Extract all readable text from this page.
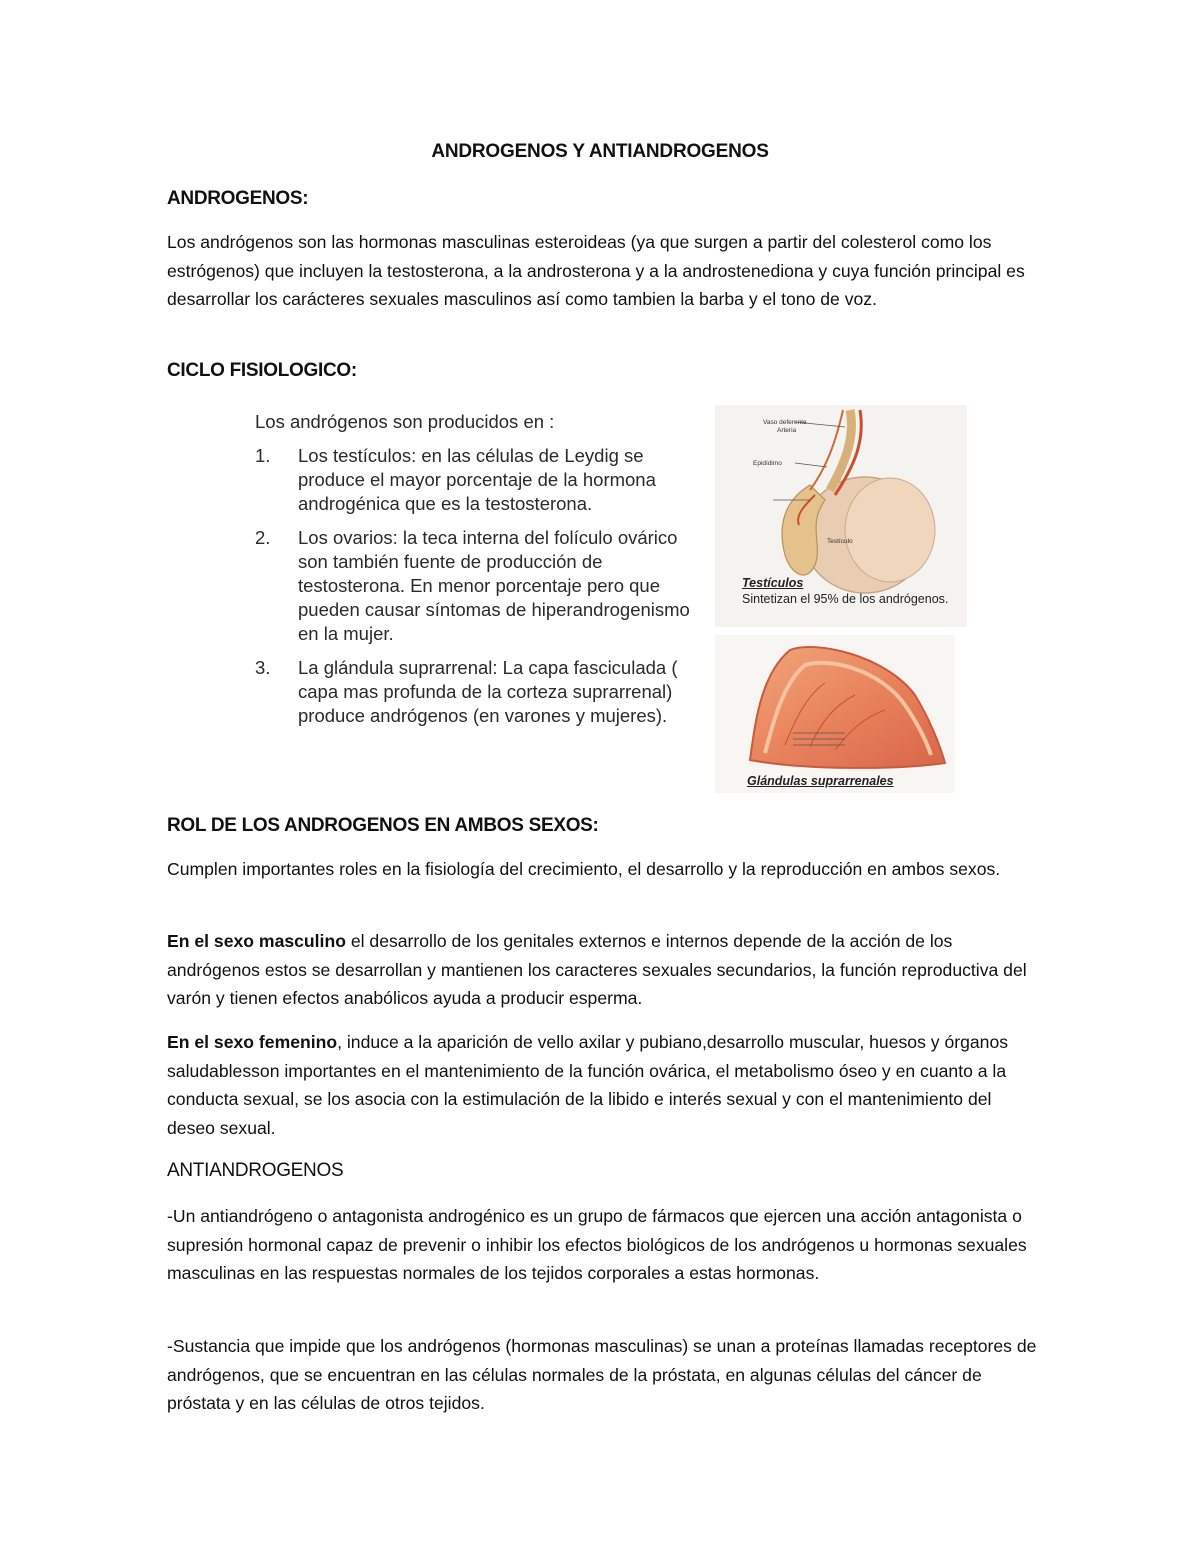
ANDROGENOS Y ANTIANDROGENOS
ANDROGENOS:
Los andrógenos son las hormonas masculinas esteroideas (ya que surgen a partir del colesterol como los estrógenos) que incluyen la testosterona, a la androsterona y a la androstenediona y cuya función principal es desarrollar los carácteres sexuales masculinos así como tambien la barba y el tono de voz.
CICLO FISIOLOGICO:
Los andrógenos son producidos en :
1. Los testículos: en las células de Leydig se produce el mayor porcentaje de la hormona androgénica que es la testosterona.
2. Los ovarios: la teca interna del folículo ovárico son también fuente de producción de testosterona. En menor porcentaje pero que pueden causar síntomas de hiperandrogenismo en la mujer.
3. La glándula suprarrenal: La capa fasciculada ( capa mas profunda de la corteza suprarrenal) produce andrógenos (en varones y mujeres).
Vaso deferente
Arteria
Epidídimo
Testículo
Testículos
Sintetizan el 95% de los andrógenos.
Glándulas suprarrenales
ROL DE LOS ANDROGENOS EN AMBOS SEXOS:
Cumplen importantes roles en la fisiología del crecimiento, el desarrollo y la reproducción en ambos sexos.
En el sexo masculino el desarrollo de los genitales externos e internos depende de la acción de los andrógenos estos se desarrollan y mantienen los caracteres sexuales secundarios, la función reproductiva del varón y tienen efectos anabólicos ayuda a producir esperma.
En el sexo femenino, induce a la aparición de vello axilar y pubiano,desarrollo muscular, huesos y órganos saludablesson importantes en el mantenimiento de la función ovárica, el metabolismo óseo y en cuanto a la conducta sexual, se los asocia con la estimulación de la libido e interés sexual y con el mantenimiento del deseo sexual.
ANTIANDROGENOS
-Un antiandrógeno o antagonista androgénico es un grupo de fármacos que ejercen una acción antagonista o supresión hormonal capaz de prevenir o inhibir los efectos biológicos de los andrógenos u hormonas sexuales masculinas en las respuestas normales de los tejidos corporales a estas hormonas.
-Sustancia que impide que los andrógenos (hormonas masculinas) se unan a proteínas llamadas receptores de andrógenos, que se encuentran en las células normales de la próstata, en algunas células del cáncer de próstata y en las células de otros tejidos.
